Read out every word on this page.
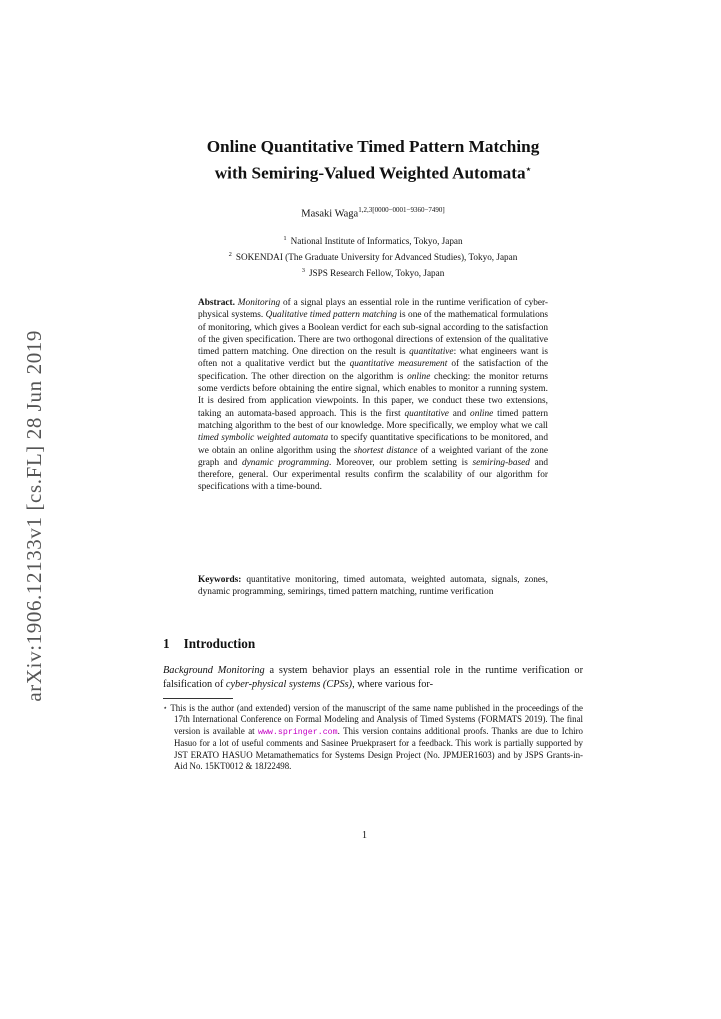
arXiv:1906.12133v1 [cs.FL] 28 Jun 2019
Online Quantitative Timed Pattern Matching
with Semiring-Valued Weighted Automata⋆
Masaki Waga$^{1,2,3[0000-0001-9360-7490]}$
$^1$ National Institute of Informatics, Tokyo, Japan
$^2$ SOKENDAI (The Graduate University for Advanced Studies), Tokyo, Japan
$^3$ JSPS Research Fellow, Tokyo, Japan
Abstract. Monitoring of a signal plays an essential role in the runtime verification of cyber-physical systems. Qualitative timed pattern matching is one of the mathematical formulations of monitoring, which gives a Boolean verdict for each sub-signal according to the satisfaction of the given specification. There are two orthogonal directions of extension of the qualitative timed pattern matching. One direction on the result is quantitative: what engineers want is often not a qualitative verdict but the quantitative measurement of the satisfaction of the specification. The other direction on the algorithm is online checking: the monitor returns some verdicts before obtaining the entire signal, which enables to monitor a running system. It is desired from application viewpoints. In this paper, we conduct these two extensions, taking an automata-based approach. This is the first quantitative and online timed pattern matching algorithm to the best of our knowledge. More specifically, we employ what we call timed symbolic weighted automata to specify quantitative specifications to be monitored, and we obtain an online algorithm using the shortest distance of a weighted variant of the zone graph and dynamic programming. Moreover, our problem setting is semiring-based and therefore, general. Our experimental results confirm the scalability of our algorithm for specifications with a time-bound.
Keywords: quantitative monitoring, timed automata, weighted automata, signals, zones, dynamic programming, semirings, timed pattern matching, runtime verification
1 Introduction
Background Monitoring a system behavior plays an essential role in the runtime verification or falsification of cyber-physical systems (CPSs), where various for-
⋆ This is the author (and extended) version of the manuscript of the same name published in the proceedings of the 17th International Conference on Formal Modeling and Analysis of Timed Systems (FORMATS 2019). The final version is available at www.springer.com. This version contains additional proofs. Thanks are due to Ichiro Hasuo for a lot of useful comments and Sasinee Pruekprasert for a feedback. This work is partially supported by JST ERATO HASUO Metamathematics for Systems Design Project (No. JPMJER1603) and by JSPS Grants-in-Aid No. 15KT0012 & 18J22498.
1
